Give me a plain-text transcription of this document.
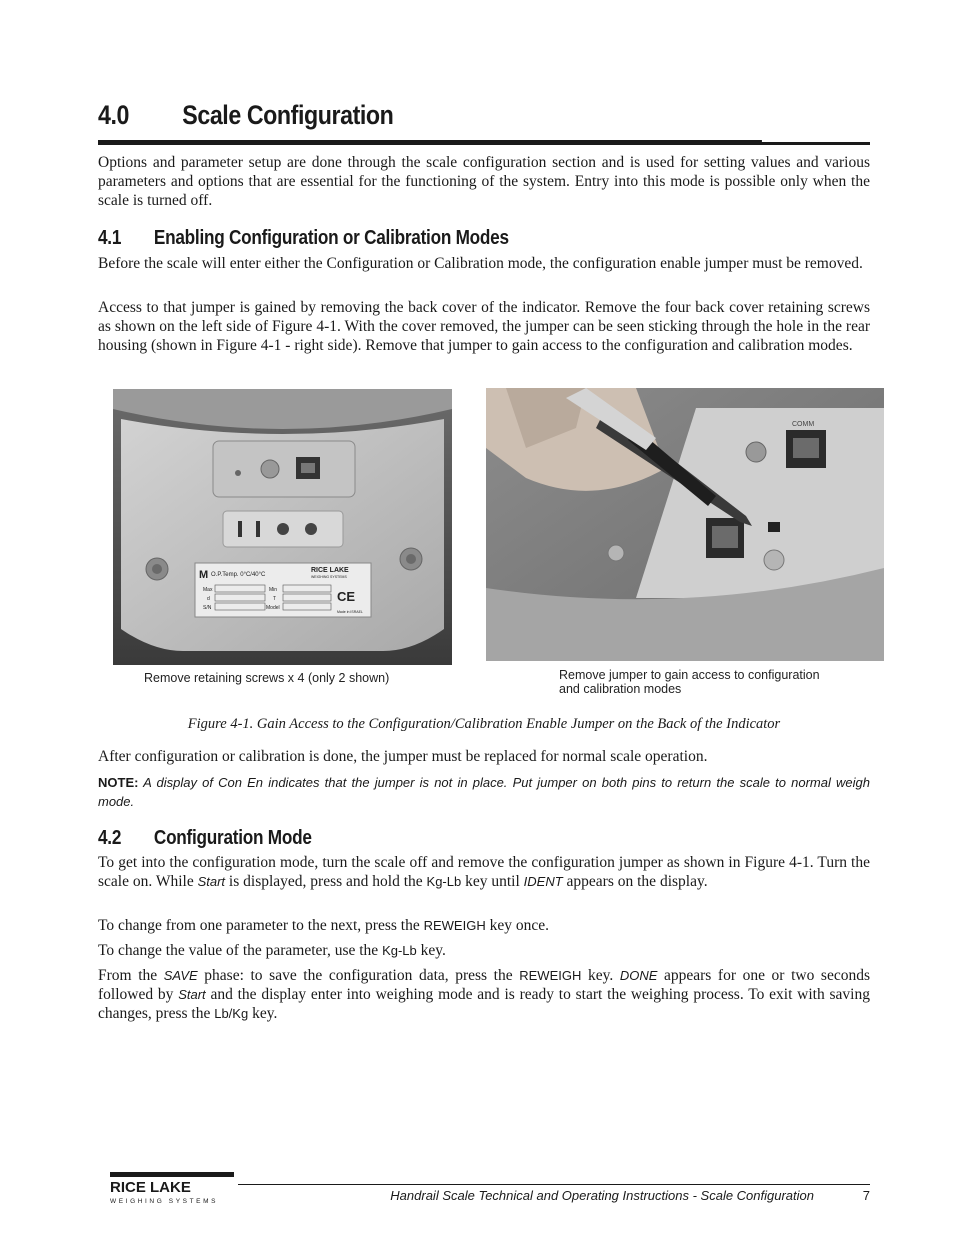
4.0 Scale Configuration
Options and parameter setup are done through the scale configuration section and is used for setting values and various parameters and options that are essential for the functioning of the system. Entry into this mode is possible only when the scale is turned off.
4.1 Enabling Configuration or Calibration Modes
Before the scale will enter either the Configuration or Calibration mode, the configuration enable jumper must be removed.
Access to that jumper is gained by removing the back cover of the indicator. Remove the four back cover retaining screws as shown on the left side of Figure 4-1. With the cover removed, the jumper can be seen sticking through the hole in the rear housing (shown in Figure 4-1 - right side). Remove that jumper to gain access to the configuration and calibration modes.
M O.P.Temp. 0°C/40°C
RICE LAKE
WEIGHING SYSTEMS
Max
d
S/N
Min
T
Model
CE
Made in ISRAEL
Remove retaining screws x 4 (only 2 shown)
COMM
Remove jumper to gain access to configuration
and calibration modes
Figure 4-1. Gain Access to the Configuration/Calibration Enable Jumper on the Back of the Indicator
After configuration or calibration is done, the jumper must be replaced for normal scale operation.
NOTE: A display of Con En indicates that the jumper is not in place. Put jumper on both pins to return the scale to normal weigh mode.
4.2 Configuration Mode
To get into the configuration mode, turn the scale off and remove the configuration jumper as shown in Figure 4-1. Turn the scale on. While Start is displayed, press and hold the Kg-Lb key until IDENT appears on the display.
To change from one parameter to the next, press the REWEIGH key once.
To change the value of the parameter, use the Kg-Lb key.
From the SAVE phase: to save the configuration data, press the REWEIGH key. DONE appears for one or two seconds followed by Start and the display enter into weighing mode and is ready to start the weighing process. To exit with saving changes, press the Lb/Kg key.
RICE LAKE
WEIGHING SYSTEMS	Handrail Scale Technical and Operating Instructions - Scale Configuration	7
